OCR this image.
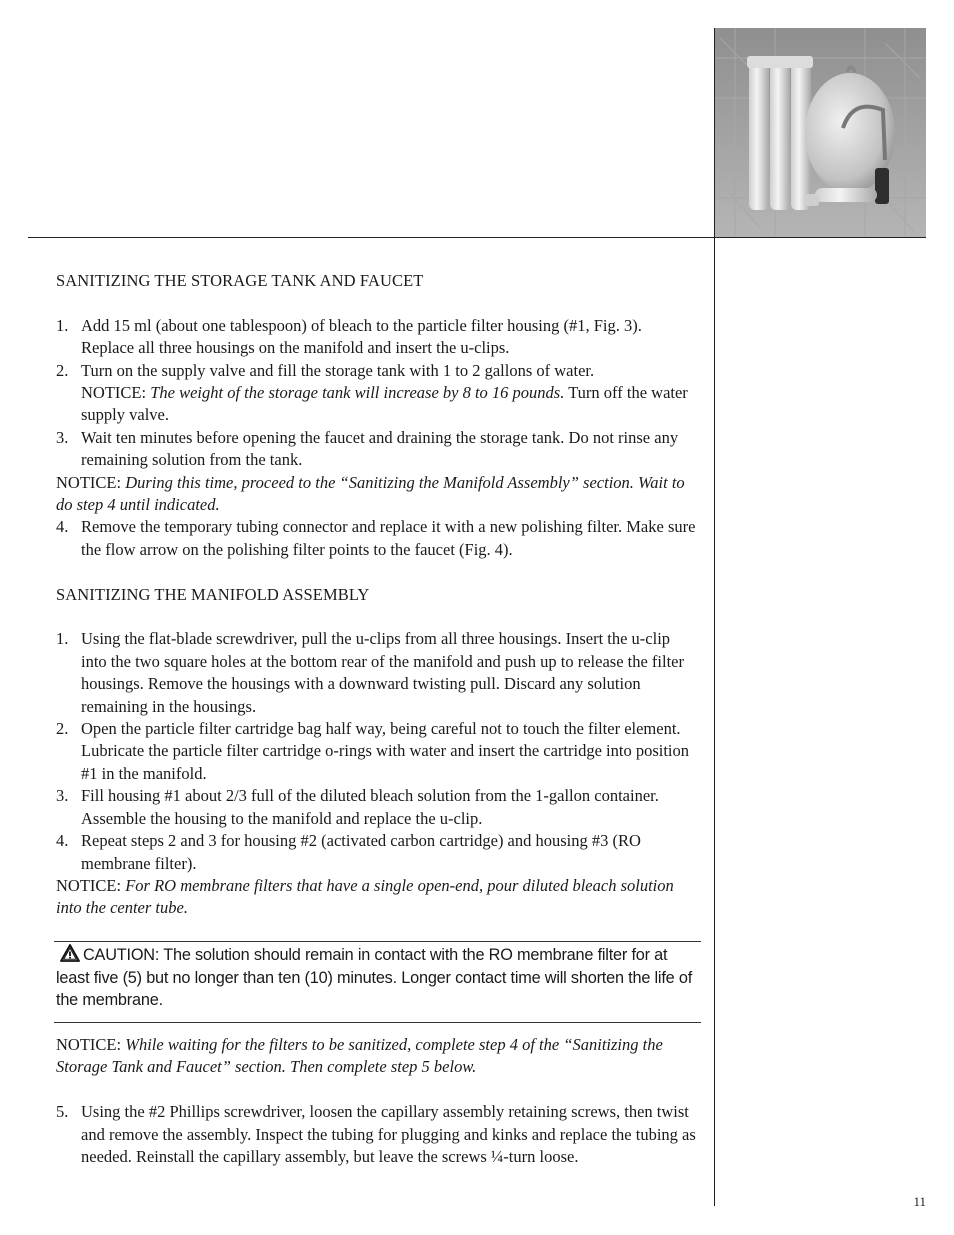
SANITIZING THE STORAGE TANK AND FAUCET

1. Add 15 ml (about one tablespoon) of bleach to the particle filter housing (#1, Fig. 3). Replace all three housings on the manifold and insert the u-clips.
2. Turn on the supply valve and fill the storage tank with 1 to 2 gallons of water.
NOTICE: The weight of the storage tank will increase by 8 to 16 pounds. Turn off the water supply valve.
3. Wait ten minutes before opening the faucet and draining the storage tank. Do not rinse any remaining solution from the tank.

NOTICE: During this time, proceed to the “Sanitizing the Manifold Assembly” section. Wait to do step 4 until indicated.

4. Remove the temporary tubing connector and replace it with a new polishing filter. Make sure the flow arrow on the polishing filter points to the faucet (Fig. 4).

SANITIZING THE MANIFOLD ASSEMBLY

1. Using the flat-blade screwdriver, pull the u-clips from all three housings. Insert the u-clip into the two square holes at the bottom rear of the manifold and push up to release the filter housings. Remove the housings with a downward twisting pull. Discard any solution remaining in the housings.
2. Open the particle filter cartridge bag half way, being careful not to touch the filter element. Lubricate the particle filter cartridge o-rings with water and insert the cartridge into position #1 in the manifold.
3. Fill housing #1 about 2/3 full of the diluted bleach solution from the 1-gallon container. Assemble the housing to the manifold and replace the u-clip.
4. Repeat steps 2 and 3 for housing #2 (activated carbon cartridge) and housing #3 (RO membrane filter).

NOTICE: For RO membrane filters that have a single open-end, pour diluted bleach solution into the center tube.

CAUTION: The solution should remain in contact with the RO membrane filter for at least five (5) but no longer than ten (10) minutes. Longer contact time will shorten the life of the membrane.

NOTICE: While waiting for the filters to be sanitized, complete step 4 of the “Sanitizing the Storage Tank and Faucet” section. Then complete step 5 below.

5. Using the #2 Phillips screwdriver, loosen the capillary assembly retaining screws, then twist and remove the assembly. Inspect the tubing for plugging and kinks and replace the tubing as needed. Reinstall the capillary assembly, but leave the screws ¼-turn loose.
11
